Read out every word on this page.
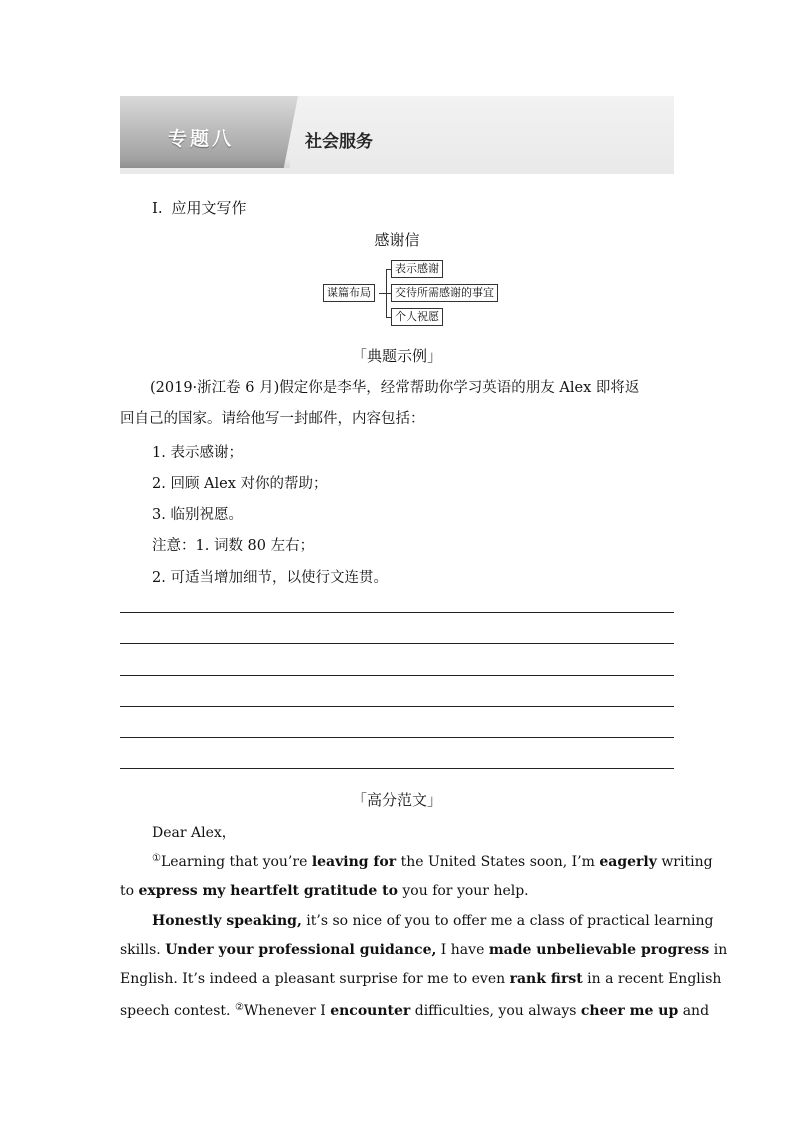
专题八	社会服务
Ⅰ. 应用文写作
感谢信
谋篇布局
表示感谢
交待所需感谢的事宜
个人祝愿
「典题示例」
(2019·浙江卷 6 月)假定你是李华，经常帮助你学习英语的朋友 Alex 即将返
回自己的国家。请给他写一封邮件，内容包括：
1. 表示感谢；
2. 回顾 Alex 对你的帮助；
3. 临别祝愿。
注意：1. 词数 80 左右；
2. 可适当增加细节，以使行文连贯。
「高分范文」
Dear Alex，
①Learning that you’re leaving for the United States soon, I’m eagerly writing
to express my heartfelt gratitude to you for your help.
Honestly speaking, it’s so nice of you to offer me a class of practical learning
skills. Under your professional guidance, I have made unbelievable progress in
English. It’s indeed a pleasant surprise for me to even rank first in a recent English
speech contest. ②Whenever I encounter difficulties, you always cheer me up and
